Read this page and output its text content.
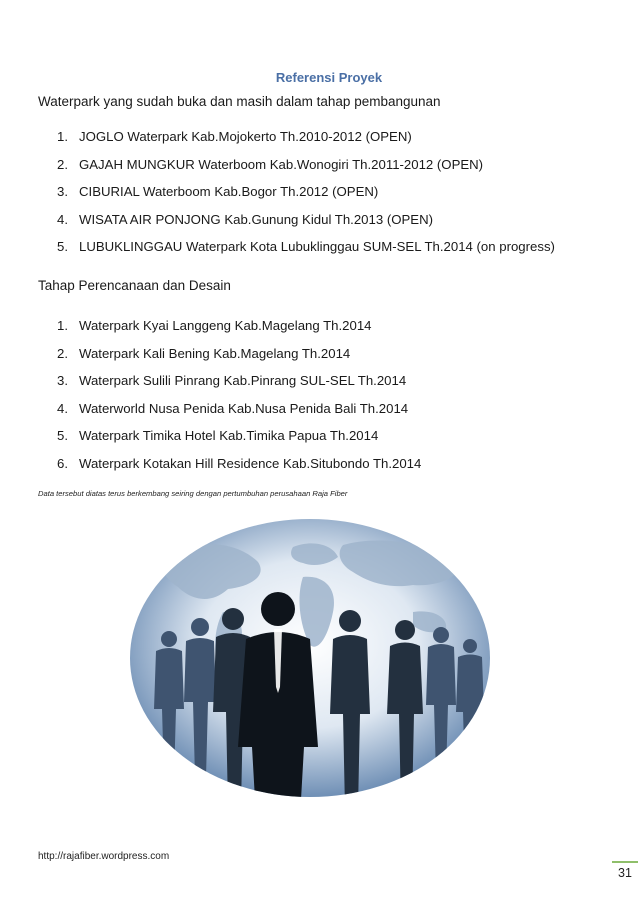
Referensi Proyek
Waterpark yang sudah buka dan masih dalam tahap pembangunan
1. JOGLO Waterpark Kab.Mojokerto Th.2010-2012 (OPEN)
2. GAJAH MUNGKUR Waterboom Kab.Wonogiri Th.2011-2012 (OPEN)
3. CIBURIAL Waterboom Kab.Bogor Th.2012 (OPEN)
4. WISATA AIR PONJONG Kab.Gunung Kidul Th.2013 (OPEN)
5. LUBUKLINGGAU Waterpark Kota Lubuklinggau SUM-SEL Th.2014 (on progress)
Tahap Perencanaan dan Desain
1. Waterpark Kyai Langgeng Kab.Magelang Th.2014
2. Waterpark Kali Bening Kab.Magelang Th.2014
3. Waterpark Sulili Pinrang Kab.Pinrang SUL-SEL Th.2014
4. Waterworld Nusa Penida Kab.Nusa Penida Bali Th.2014
5. Waterpark Timika Hotel Kab.Timika Papua Th.2014
6. Waterpark Kotakan Hill Residence Kab.Situbondo Th.2014
Data tersebut diatas terus berkembang seiring dengan pertumbuhan perusahaan Raja Fiber
http://rajafiber.wordpress.com
31
